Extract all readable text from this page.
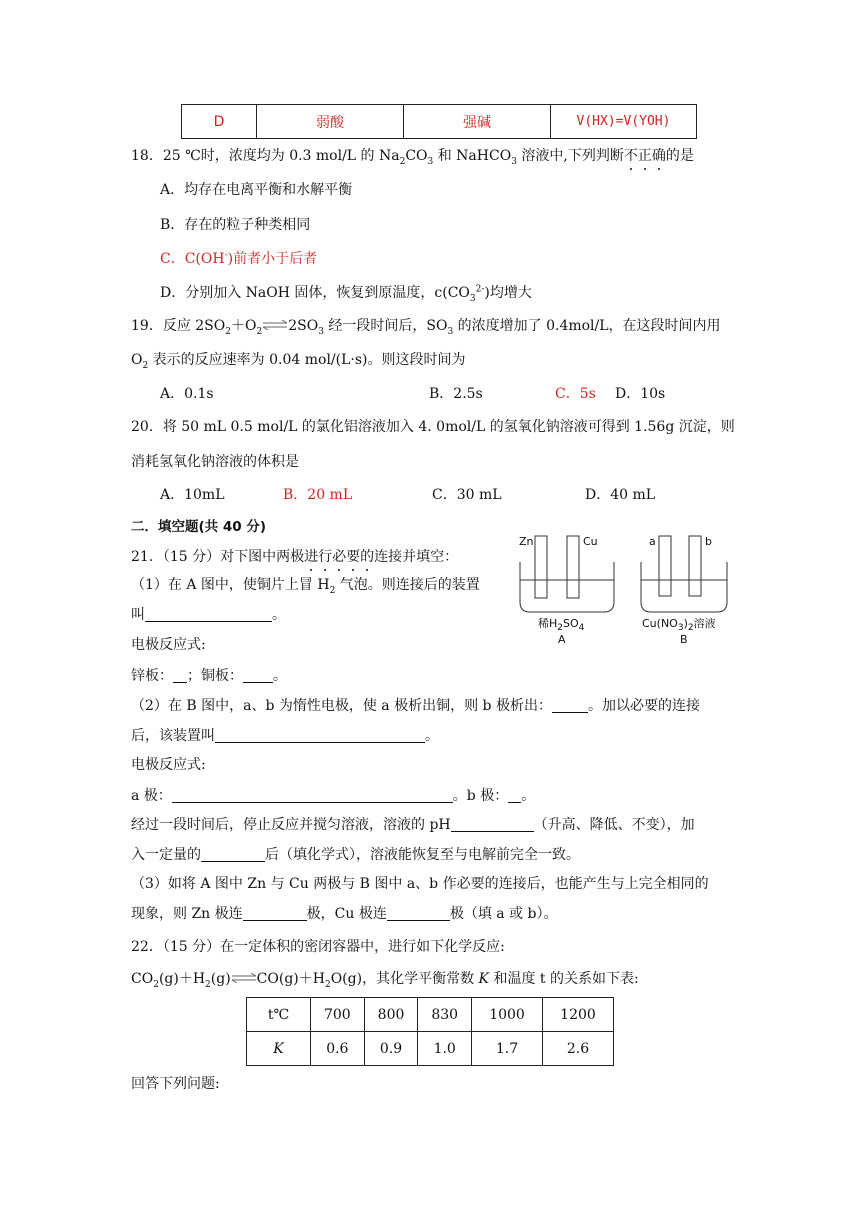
D	弱酸	强碱	V(HX)=V(YOH)
18．25 ℃时，浓度均为 0.3 mol/L 的 $Na_2CO_3$ 和 NaHCO$_3$ 溶液中,下列判断不正确的是
A．均存在电离平衡和水解平衡
B．存在的粒子种类相同
C．C(OH-)前者小于后者
D．分别加入 NaOH 固体，恢复到原温度，$c(CO_3^{2-})$均增大
19．反应 $2SO_2+O_2$ $\rightleftharpoons 2SO_3$ 经一段时间后，$SO_3$ 的浓度增加了 0.4mol/L，在这段时间内用
$O_2$ 表示的反应速率为 0.04 mol/(L·s)。则这段时间为
A．0.1s	B．2.5s	C．5s D．10s
20．将 50 mL 0.5 mol/L 的氯化铝溶液加入 4. 0mol/L 的氢氧化钠溶液可得到 1.56g 沉淀，则
消耗氢氧化钠溶液的体积是
A．10mL	B．20 mL	C．30 mL	D．40 mL
二．填空题(共 40 分)
21．（15 分）对下图中两极进行必要的连接并填空：
（1）在 A 图中，使铜片上冒 $H_2$ 气泡。则连接后的装置
叫	。
电极反应式:
锌板： ；铜板： 。
（2）在 B 图中，a、b 为惰性电极，使 a 极析出铜，则 b 极析出：	。加以必要的连接
后，该装置叫	。
电极反应式:
a 极：	。b 极： 。
经过一段时间后，停止反应并搅匀溶液，溶液的 pH	（升高、降低、不变），加
入一定量的	后（填化学式），溶液能恢复至与电解前完全一致。
（3）如将 A 图中 Zn 与 Cu 两极与 B 图中 a、b 作必要的连接后，也能产生与上完全相同的
现象，则 Zn 极连	极，Cu 极连	极（填 a 或 b）。
Zn	Cu
稀$H_2SO_4$
A
a	b
$Cu(NO_3)_2$溶液
B
22．（15 分）在一定体积的密闭容器中，进行如下化学反应:
$CO_2(g)+H_2(g)\rightleftharpoons CO(g)+H_2O(g)$，其化学平衡常数 K 和温度 t 的关系如下表:
t℃	700	800	830	1000	1200
K	0.6	0.9	1.0	1.7	2.6
回答下列问题:
